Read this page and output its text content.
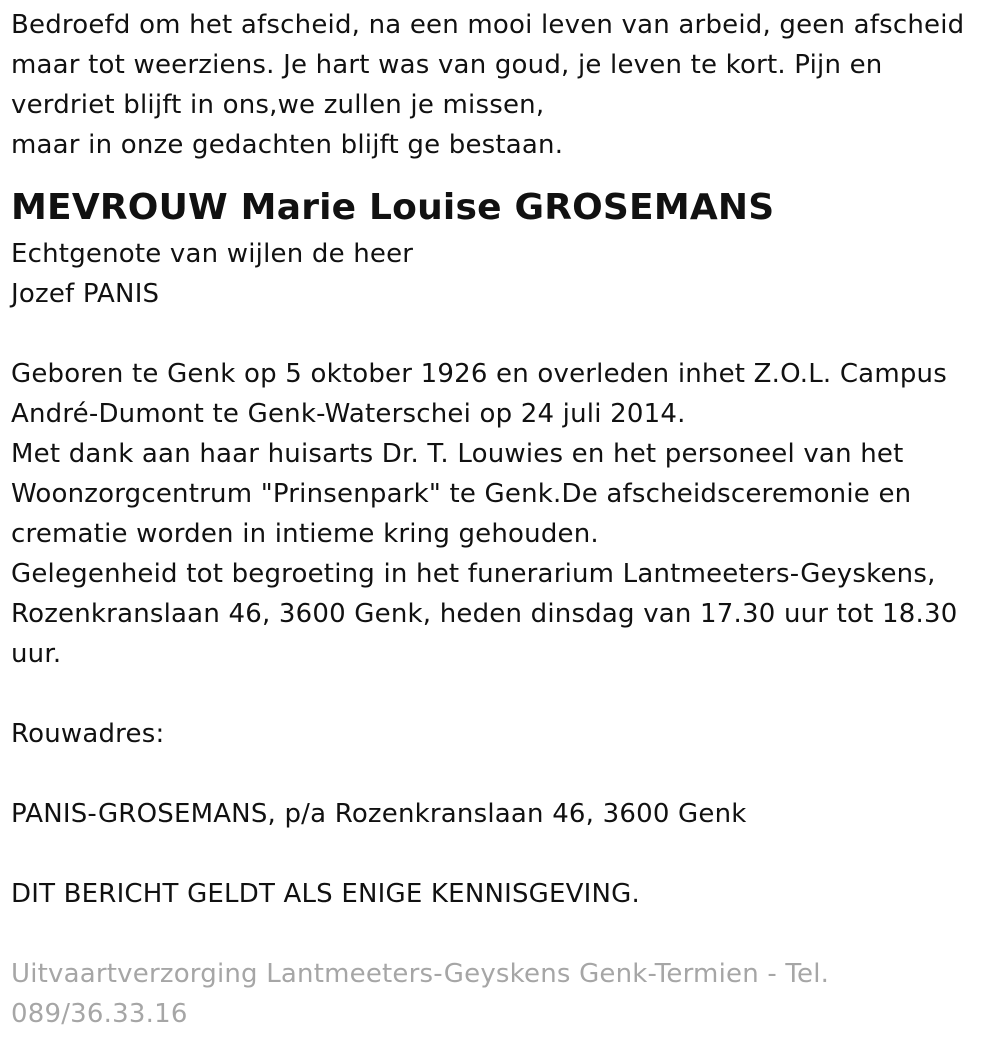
Bedroefd om het afscheid, na een mooi leven van arbeid, geen afscheid
maar tot weerziens. Je hart was van goud, je leven te kort. Pijn en
verdriet blijft in ons,we zullen je missen,
maar in onze gedachten blijft ge bestaan.
MEVROUW Marie Louise GROSEMANS
Echtgenote van wijlen de heer
Jozef PANIS
Geboren te Genk op 5 oktober 1926 en overleden inhet Z.O.L. Campus
André-Dumont te Genk-Waterschei op 24 juli 2014.
Met dank aan haar huisarts Dr. T. Louwies en het personeel van het
Woonzorgcentrum "Prinsenpark" te Genk.De afscheidsceremonie en
crematie worden in intieme kring gehouden.
Gelegenheid tot begroeting in het funerarium Lantmeeters-Geyskens,
Rozenkranslaan 46, 3600 Genk, heden dinsdag van 17.30 uur tot 18.30
uur.
Rouwadres:
PANIS-GROSEMANS, p/a Rozenkranslaan 46, 3600 Genk
DIT BERICHT GELDT ALS ENIGE KENNISGEVING.
Uitvaartverzorging Lantmeeters-Geyskens Genk-Termien - Tel.
089/36.33.16
